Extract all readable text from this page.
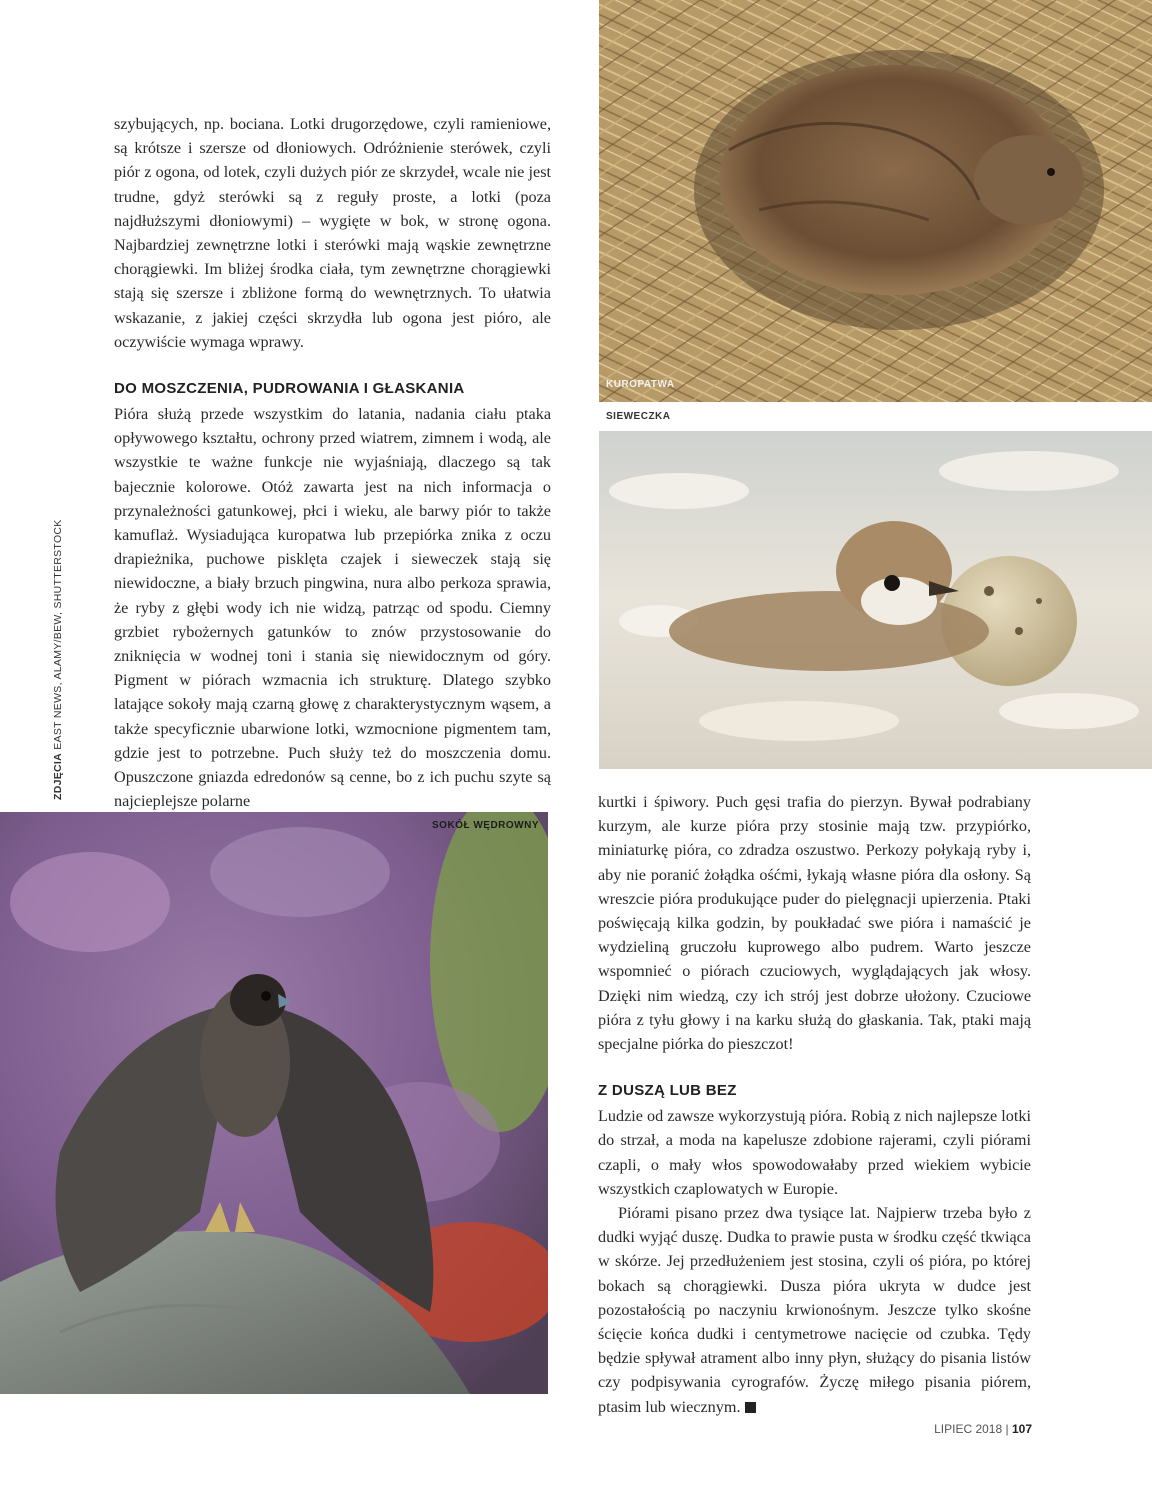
ZDJĘCIA EAST NEWS, ALAMY/BEW, SHUTTERSTOCK

szybujących, np. bociana. Lotki drugorzędowe, czyli ramieniowe, są krótsze i szersze od dłoniowych. Odróżnienie sterówek, czyli piór z ogona, od lotek, czyli dużych piór ze skrzydeł, wcale nie jest trudne, gdyż sterówki są z reguły proste, a lotki (poza najdłuższymi dłoniowymi) – wygięte w bok, w stronę ogona. Najbardziej zewnętrzne lotki i sterówki mają wąskie zewnętrzne chorągiewki. Im bliżej środka ciała, tym zewnętrzne chorągiewki stają się szersze i zbliżone formą do wewnętrznych. To ułatwia wskazanie, z jakiej części skrzydła lub ogona jest pióro, ale oczywiście wymaga wprawy.

DO MOSZCZENIA, PUDROWANIA I GŁASKANIA

Pióra służą przede wszystkim do latania, nadania ciału ptaka opływowego kształtu, ochrony przed wiatrem, zimnem i wodą, ale wszystkie te ważne funkcje nie wyjaśniają, dlaczego są tak bajecznie kolorowe. Otóż zawarta jest na nich informacja o przynależności gatunkowej, płci i wieku, ale barwy piór to także kamuflaż. Wysiadująca kuropatwa lub przepiórka znika z oczu drapieżnika, puchowe pisklęta czajek i sieweczek stają się niewidoczne, a biały brzuch pingwina, nura albo perkoza sprawia, że ryby z głębi wody ich nie widzą, patrząc od spodu. Ciemny grzbiet rybożernych gatunków to znów przystosowanie do zniknięcia w wodnej toni i stania się niewidocznym od góry. Pigment w piórach wzmacnia ich strukturę. Dlatego szybko latające sokoły mają czarną głowę z charakterystycznym wąsem, a także specyficznie ubarwione lotki, wzmocnione pigmentem tam, gdzie jest to potrzebne. Puch służy też do moszczenia domu. Opuszczone gniazda edredonów są cenne, bo z ich puchu szyte są najcieplejsze polarne

KUROPATWA
SIEWECZKA
SOKÓŁ WĘDROWNY

kurtki i śpiwory. Puch gęsi trafia do pierzyn. Bywał podrabiany kurzym, ale kurze pióra przy stosinie mają tzw. przypiórko, miniaturkę pióra, co zdradza oszustwo. Perkozy połykają ryby i, aby nie poranić żołądka ośćmi, łykają własne pióra dla osłony. Są wreszcie pióra produkujące puder do pielęgnacji upierzenia. Ptaki poświęcają kilka godzin, by poukładać swe pióra i namaścić je wydzieliną gruczołu kuprowego albo pudrem. Warto jeszcze wspomnieć o piórach czuciowych, wyglądających jak włosy. Dzięki nim wiedzą, czy ich strój jest dobrze ułożony. Czuciowe pióra z tyłu głowy i na karku służą do głaskania. Tak, ptaki mają specjalne piórka do pieszczot!

Z DUSZĄ LUB BEZ

Ludzie od zawsze wykorzystują pióra. Robią z nich najlepsze lotki do strzał, a moda na kapelusze zdobione rajerami, czyli piórami czapli, o mały włos spowodowałaby przed wiekiem wybicie wszystkich czaplowatych w Europie.

Piórami pisano przez dwa tysiące lat. Najpierw trzeba było z dudki wyjąć duszę. Dudka to prawie pusta w środku część tkwiąca w skórze. Jej przedłużeniem jest stosina, czyli oś pióra, po której bokach są chorągiewki. Dusza pióra ukryta w dudce jest pozostałością po naczyniu krwionośnym. Jeszcze tylko skośne ścięcie końca dudki i centymetrowe nacięcie od czubka. Tędy będzie spływał atrament albo inny płyn, służący do pisania listów czy podpisywania cyrografów. Życzę miłego pisania piórem, ptasim lub wiecznym.

LIPIEC 2018 | 107
